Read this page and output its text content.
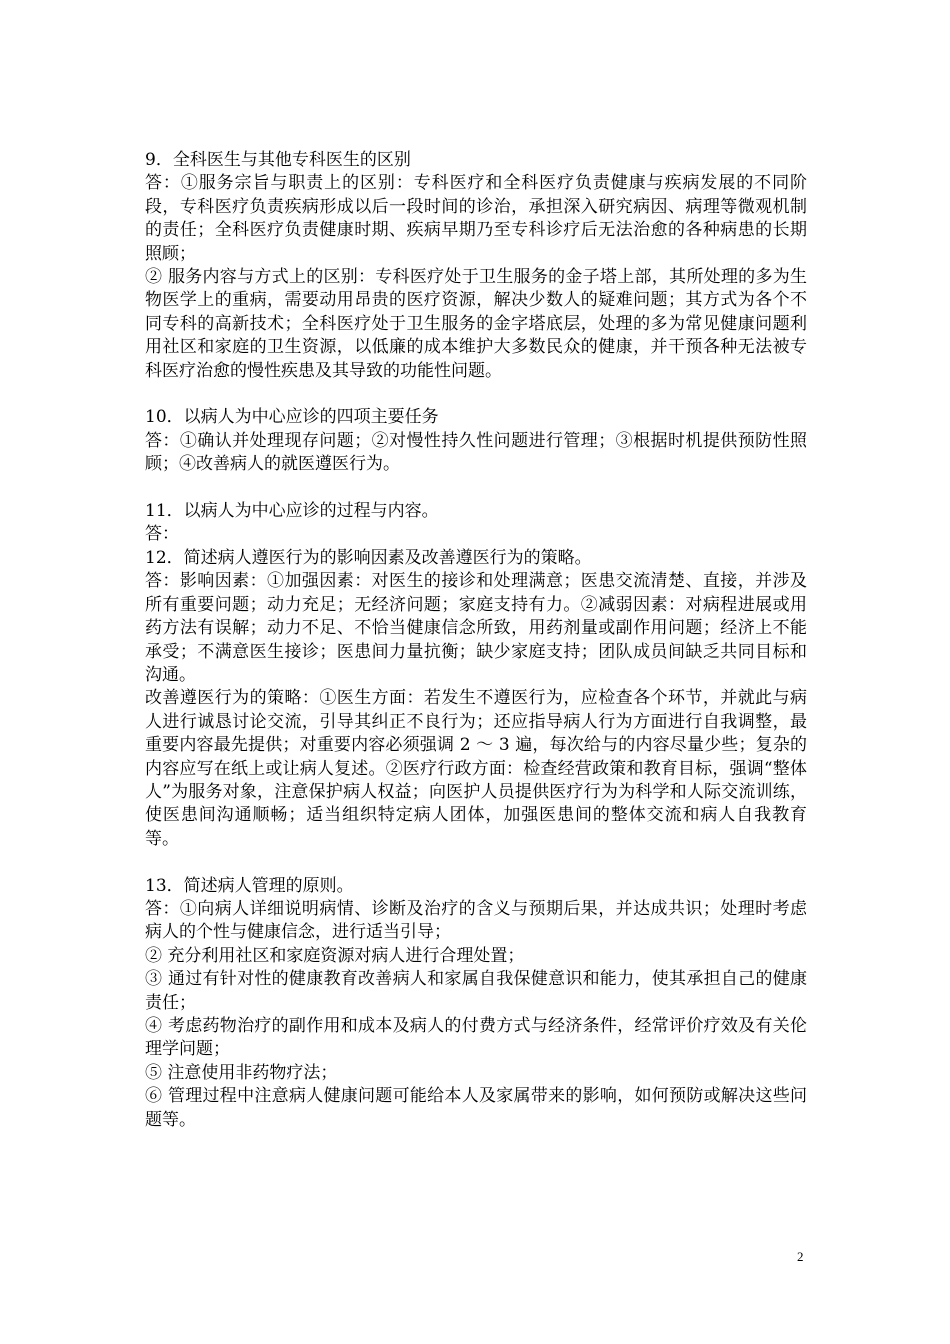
9．全科医生与其他专科医生的区别

答：①服务宗旨与职责上的区别：专科医疗和全科医疗负责健康与疾病发展的不同阶段，专科医疗负责疾病形成以后一段时间的诊治，承担深入研究病因、病理等微观机制的责任；全科医疗负责健康时期、疾病早期乃至专科诊疗后无法治愈的各种病患的长期照顾；

② 服务内容与方式上的区别：专科医疗处于卫生服务的金子塔上部，其所处理的多为生物医学上的重病，需要动用昂贵的医疗资源，解决少数人的疑难问题；其方式为各个不同专科的高新技术；全科医疗处于卫生服务的金字塔底层，处理的多为常见健康问题利用社区和家庭的卫生资源，以低廉的成本维护大多数民众的健康，并干预各种无法被专科医疗治愈的慢性疾患及其导致的功能性问题。

10．以病人为中心应诊的四项主要任务

答：①确认并处理现存问题；②对慢性持久性问题进行管理；③根据时机提供预防性照顾；④改善病人的就医遵医行为。

11．以病人为中心应诊的过程与内容。

答：

12．简述病人遵医行为的影响因素及改善遵医行为的策略。

答：影响因素：①加强因素：对医生的接诊和处理满意；医患交流清楚、直接，并涉及所有重要问题；动力充足；无经济问题；家庭支持有力。②减弱因素：对病程进展或用药方法有误解；动力不足、不恰当健康信念所致，用药剂量或副作用问题；经济上不能承受；不满意医生接诊；医患间力量抗衡；缺少家庭支持；团队成员间缺乏共同目标和沟通。

改善遵医行为的策略：①医生方面：若发生不遵医行为，应检查各个环节，并就此与病人进行诚恳讨论交流，引导其纠正不良行为；还应指导病人行为方面进行自我调整，最重要内容最先提供；对重要内容必须强调 2 ～ 3 遍，每次给与的内容尽量少些；复杂的内容应写在纸上或让病人复述。②医疗行政方面：检查经营政策和教育目标，强调“整体人”为服务对象，注意保护病人权益；向医护人员提供医疗行为为科学和人际交流训练，使医患间沟通顺畅；适当组织特定病人团体，加强医患间的整体交流和病人自我教育等。

13．简述病人管理的原则。

答：①向病人详细说明病情、诊断及治疗的含义与预期后果，并达成共识；处理时考虑病人的个性与健康信念，进行适当引导；

② 充分利用社区和家庭资源对病人进行合理处置；

③ 通过有针对性的健康教育改善病人和家属自我保健意识和能力，使其承担自己的健康责任；

④ 考虑药物治疗的副作用和成本及病人的付费方式与经济条件，经常评价疗效及有关伦理学问题；

⑤ 注意使用非药物疗法；

⑥ 管理过程中注意病人健康问题可能给本人及家属带来的影响，如何预防或解决这些问题等。

2
